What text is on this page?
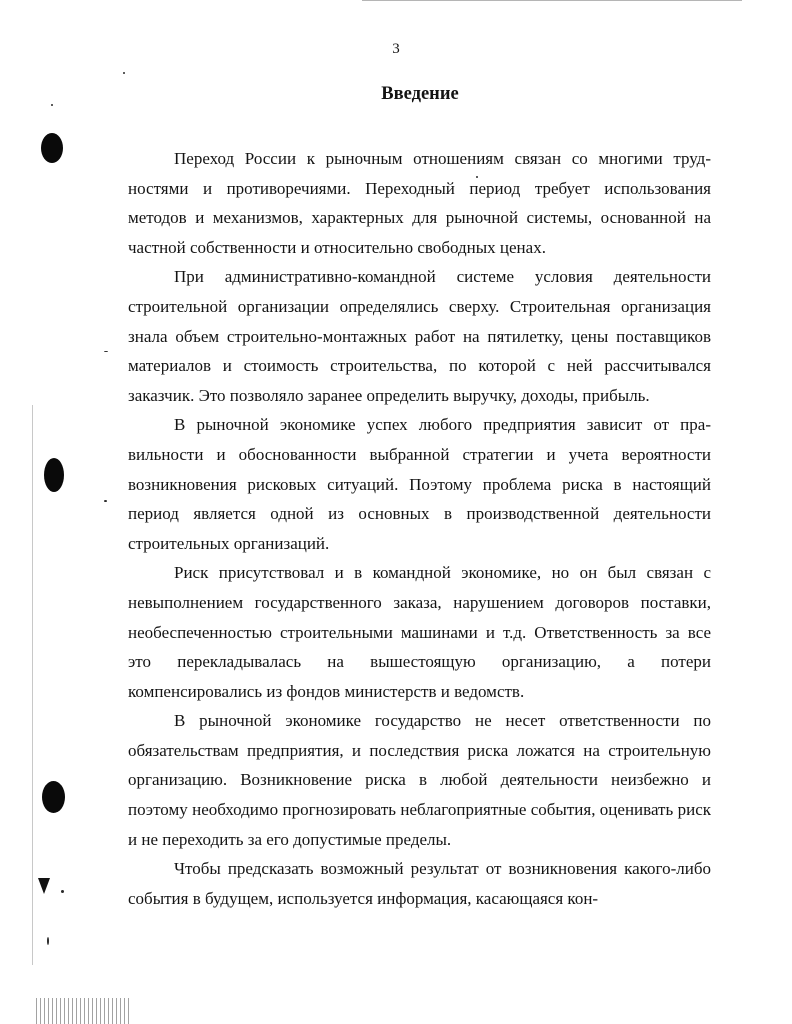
3
Введение

Переход России к рыночным отношениям связан со многими трудностями и противоречиями. Переходный период требует использования методов и механизмов, характерных для рыночной системы, основанной на частной собственности и относительно свободных ценах.

При административно-командной системе условия деятельности строительной организации определялись сверху. Строительная организация знала объем строительно-монтажных работ на пятилетку, цены поставщиков материалов и стоимость строительства, по которой с ней рассчитывался заказчик. Это позволяло заранее определить выручку, доходы, прибыль.

В рыночной экономике успех любого предприятия зависит от правильности и обоснованности выбранной стратегии и учета вероятности возникновения рисковых ситуаций. Поэтому проблема риска в настоящий период является одной из основных в производственной деятельности строительных организаций.

Риск присутствовал и в командной экономике, но он был связан с невыполнением государственного заказа, нарушением договоров поставки, необеспеченностью строительными машинами и т.д. Ответственность за все это перекладывалась на вышестоящую организацию, а потери компенсировались из фондов министерств и ведомств.

В рыночной экономике государство не несет ответственности по обязательствам предприятия, и последствия риска ложатся на строительную организацию. Возникновение риска в любой деятельности неизбежно и поэтому необходимо прогнозировать неблагоприятные события, оценивать риск и не переходить за его допустимые пределы.

Чтобы предсказать возможный результат от возникновения какого-либо события в будущем, используется информация, касающаяся кон-
